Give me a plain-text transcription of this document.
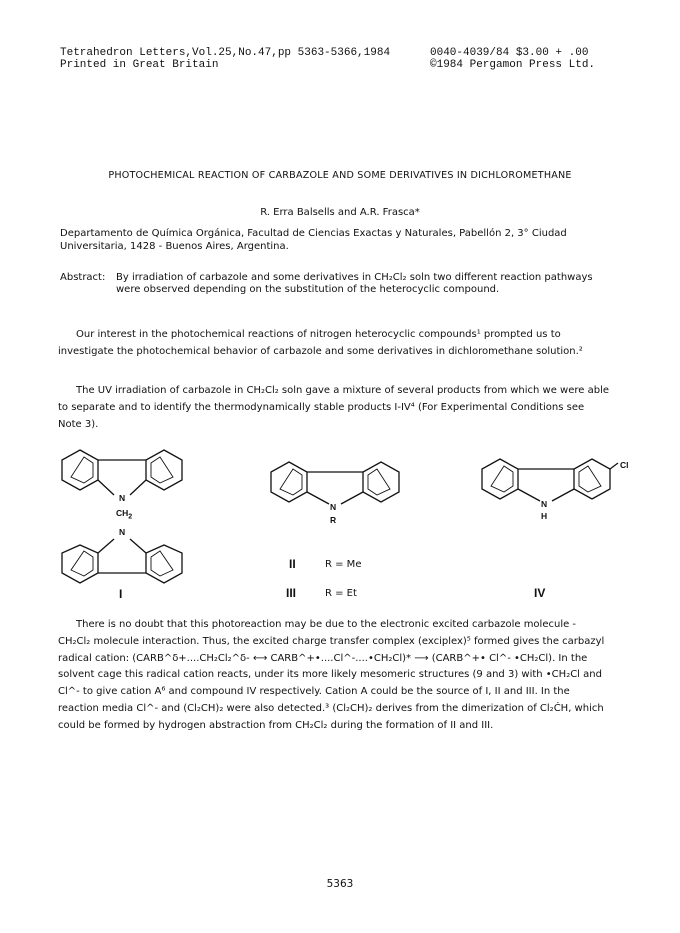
Tetrahedron Letters,Vol.25,No.47,pp 5363-5366,1984
Printed in Great Britain
0040-4039/84 $3.00 + .00
©1984 Pergamon Press Ltd.
PHOTOCHEMICAL REACTION OF CARBAZOLE AND SOME DERIVATIVES IN DICHLOROMETHANE
R. Erra Balsells and A.R. Frasca*
Departamento de Química Orgánica, Facultad de Ciencias Exactas y Naturales, Pabellón 2, 3° Ciudad Universitaria, 1428 - Buenos Aires, Argentina.
Abstract: By irradiation of carbazole and some derivatives in CH₂Cl₂ soln two different reaction pathways were observed depending on the substitution of the heterocyclic compound.
Our interest in the photochemical reactions of nitrogen heterocyclic compounds¹ prompted us to investigate the photochemical behavior of carbazole and some derivatives in dichloromethane solution.²
The UV irradiation of carbazole in CH₂Cl₂ soln gave a mixture of several products from which we were able to separate and to identify the thermodynamically stable products I-IV⁴ (For Experimental Conditions see Note 3).
N
$CH_2$
N
I
N
R
II	R = Me
III	R = Et
Cl
N
H
IV
There is no doubt that this photoreaction may be due to the electronic excited carbazole molecule - CH₂Cl₂ molecule interaction. Thus, the excited charge transfer complex (exciplex)⁵ formed gives the carbazyl radical cation: (CARB^δ+....CH₂Cl₂^δ- ⟷ CARB^+•....Cl^-....•CH₂Cl)* ⟶ (CARB^+• Cl^- •CH₂Cl). In the solvent cage this radical cation reacts, under its more likely mesomeric structures (9 and 3) with •CH₂Cl and Cl^- to give cation A⁶ and compound IV respectively. Cation A could be the source of I, II and III. In the reaction media Cl^- and (Cl₂CH)₂ were also detected.³ (Cl₂CH)₂ derives from the dimerization of Cl₂ĊH, which could be formed by hydrogen abstraction from CH₂Cl₂ during the formation of II and III.
5363
